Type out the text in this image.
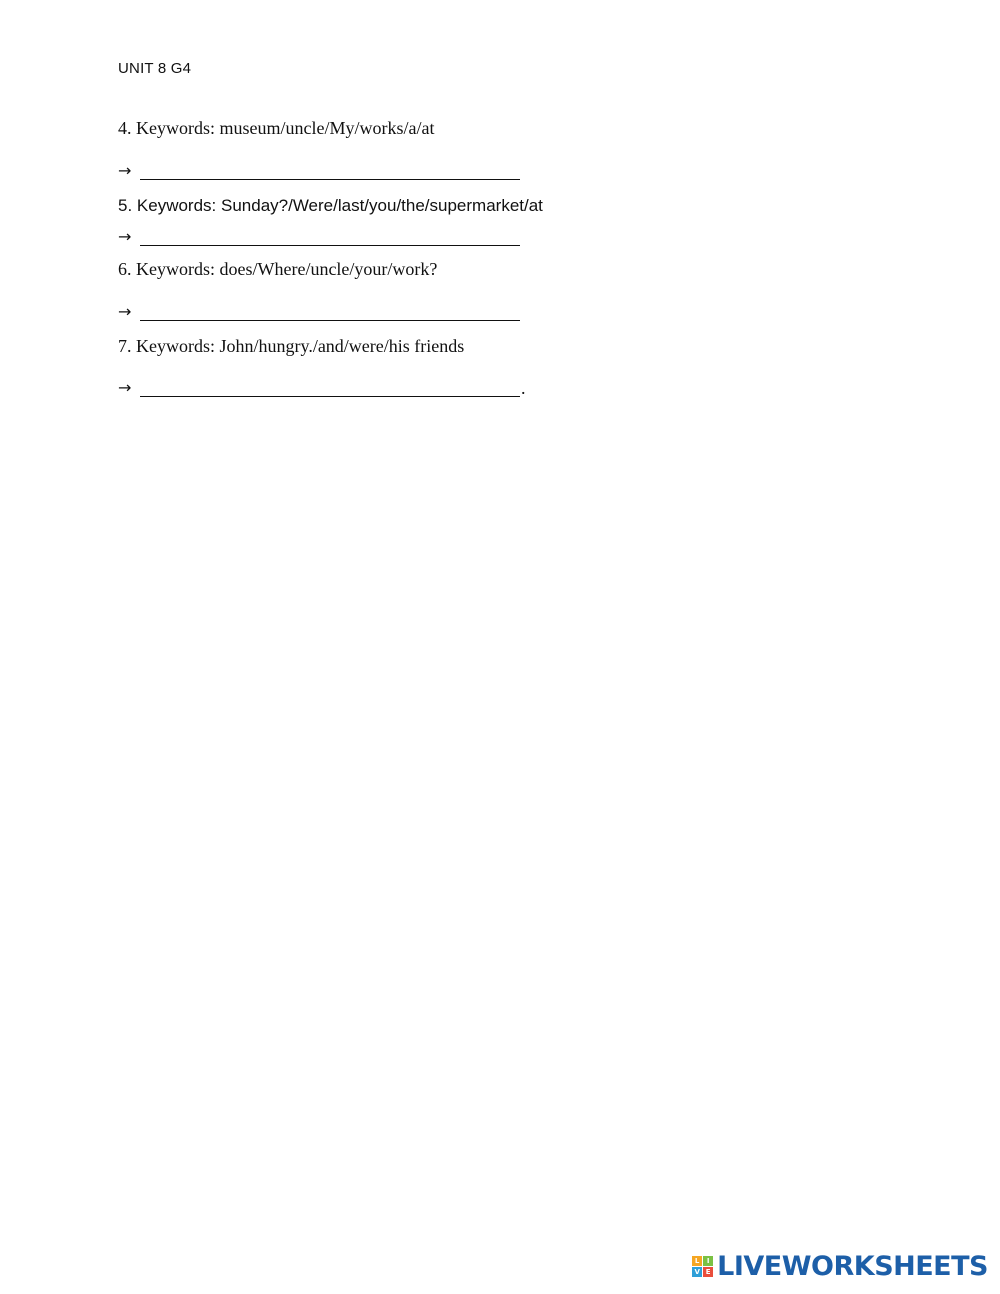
UNIT 8 G4
4. Keywords: museum/uncle/My/works/a/at
→
5. Keywords: Sunday?/Were/last/you/the/supermarket/at
→
6. Keywords: does/Where/uncle/your/work?
→
7. Keywords: John/hungry./and/were/his friends
→	.
L	I
V E LIVEWORKSHEETS
